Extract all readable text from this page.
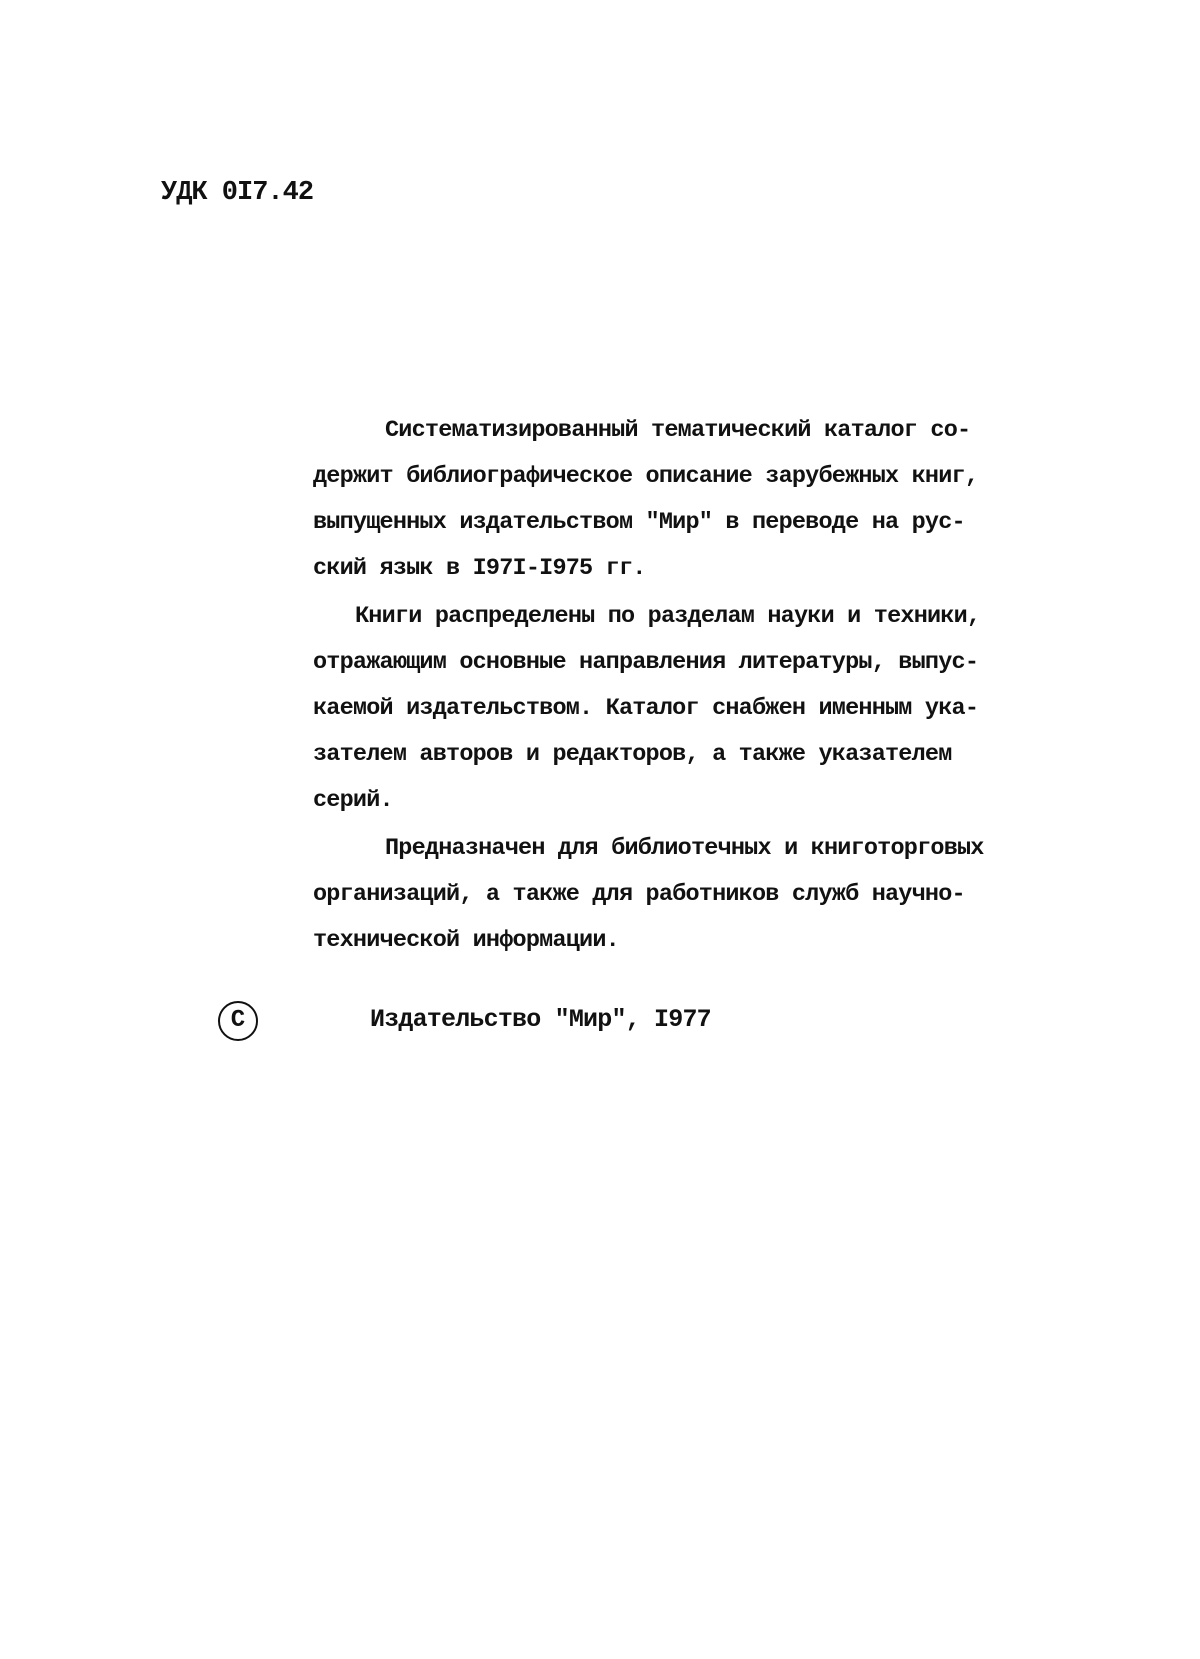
УДК 0I7.42
Систематизированный тематический каталог со-
держит библиографическое описание зарубежных книг,
выпущенных издательством "Мир" в переводе на рус-
ский язык в I97I-I975 гг.
Книги распределены по разделам науки и техники,
отражающим основные направления литературы, выпус-
каемой издательством. Каталог снабжен именным ука-
зателем авторов и редакторов, а также указателем
серий.
Предназначен для библиотечных и книготорговых
организаций, а также для работников служб научно-
технической информации.
C	Издательство "Мир", I977
